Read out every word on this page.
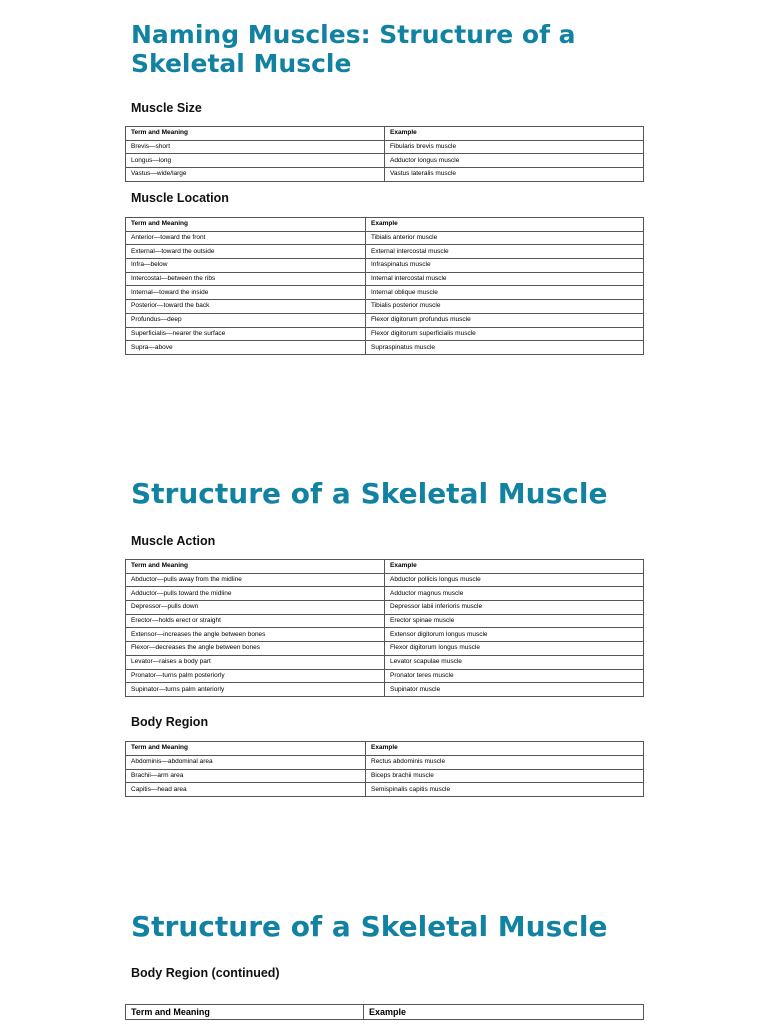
Naming Muscles: Structure of a Skeletal Muscle
Muscle Size
Term and Meaning	Example
Brevis—short	Fibularis brevis muscle
Longus—long	Adductor longus muscle
Vastus—wide/large	Vastus lateralis muscle
Muscle Location
Term and Meaning	Example
Anterior—toward the front	Tibialis anterior muscle
External—toward the outside	External intercostal muscle
Infra—below	Infraspinatus muscle
Intercostal—between the ribs	Internal intercostal muscle
Internal—toward the inside	Internal oblique muscle
Posterior—toward the back	Tibialis posterior muscle
Profundus—deep	Flexor digitorum profundus muscle
Superficialis—nearer the surface	Flexor digitorum superficialis muscle
Supra—above	Supraspinatus muscle
Structure of a Skeletal Muscle
Muscle Action
Term and Meaning	Example
Abductor—pulls away from the midline	Abductor pollicis longus muscle
Adductor—pulls toward the midline	Adductor magnus muscle
Depressor—pulls down	Depressor labii inferioris muscle
Erector—holds erect or straight	Erector spinae muscle
Extensor—increases the angle between bones	Extensor digitorum longus muscle
Flexor—decreases the angle between bones	Flexor digitorum longus muscle
Levator—raises a body part	Levator scapulae muscle
Pronator—turns palm posteriorly	Pronator teres muscle
Supinator—turns palm anteriorly	Supinator muscle
Body Region
Term and Meaning	Example
Abdominis—abdominal area	Rectus abdominis muscle
Brachii—arm area	Biceps brachii muscle
Capitis—head area	Semispinalis capitis muscle
Structure of a Skeletal Muscle
Body Region (continued)
Term and Meaning	Example
